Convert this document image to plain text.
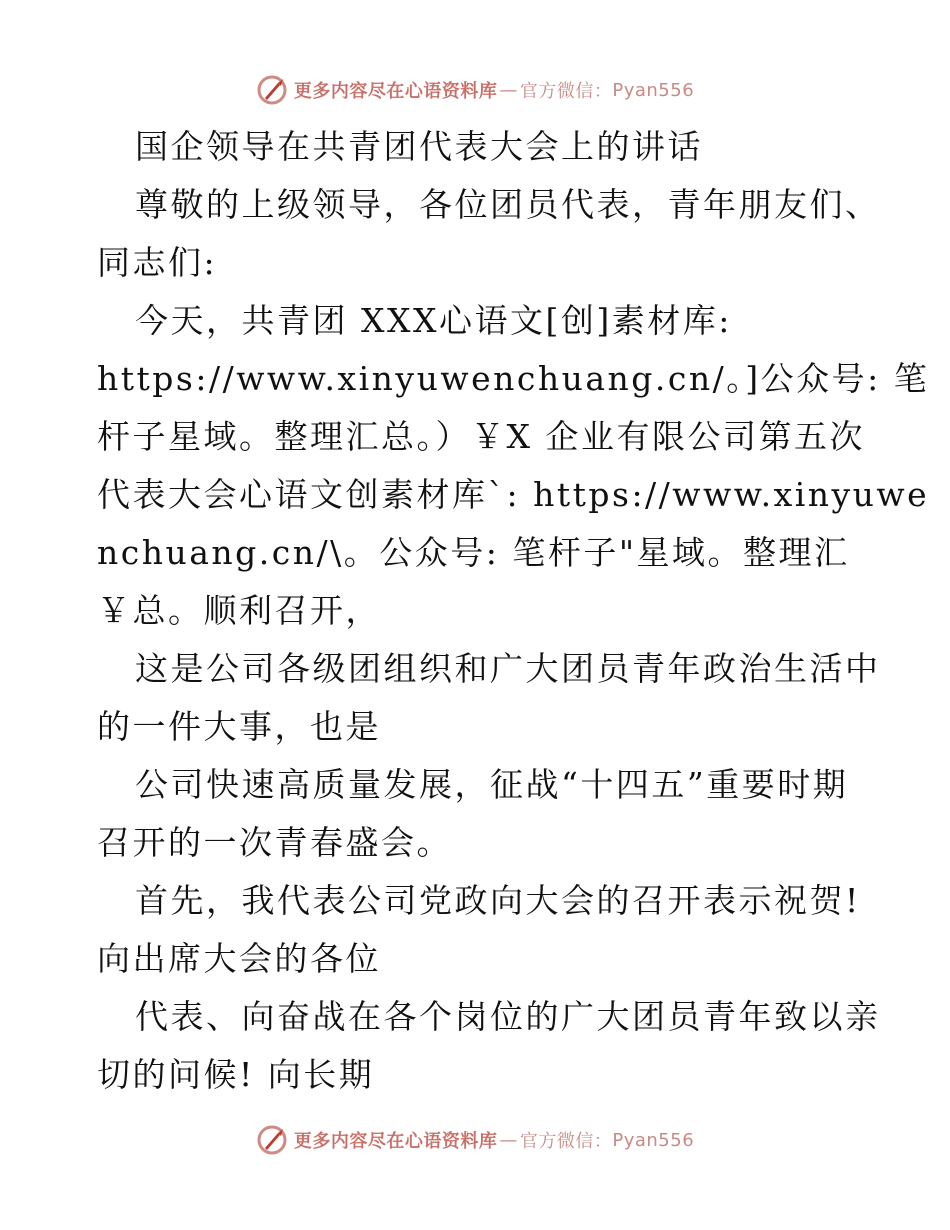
更多内容尽在心语资料库 — 官方微信： Pyan556
国企领导在共青团代表大会上的讲话
尊敬的上级领导，各位团员代表，青年朋友们、
同志们:
今天，共青团 XXX心语文[创]素材库:
https://www.xinyuwenchuang.cn/。]公众号: 笔
杆子星域。整理汇总。）￥X 企业有限公司第五次
代表大会心语文创素材库`: https://www.xinyuwe
nchuang.cn/\。公众号: 笔杆子"星域。整理汇
￥总。顺利召开，
这是公司各级团组织和广大团员青年政治生活中
的一件大事，也是
公司快速高质量发展，征战“十四五”重要时期
召开的一次青春盛会。
首先，我代表公司党政向大会的召开表示祝贺!
向出席大会的各位
代表、向奋战在各个岗位的广大团员青年致以亲
切的问候! 向长期
更多内容尽在心语资料库 — 官方微信： Pyan556
